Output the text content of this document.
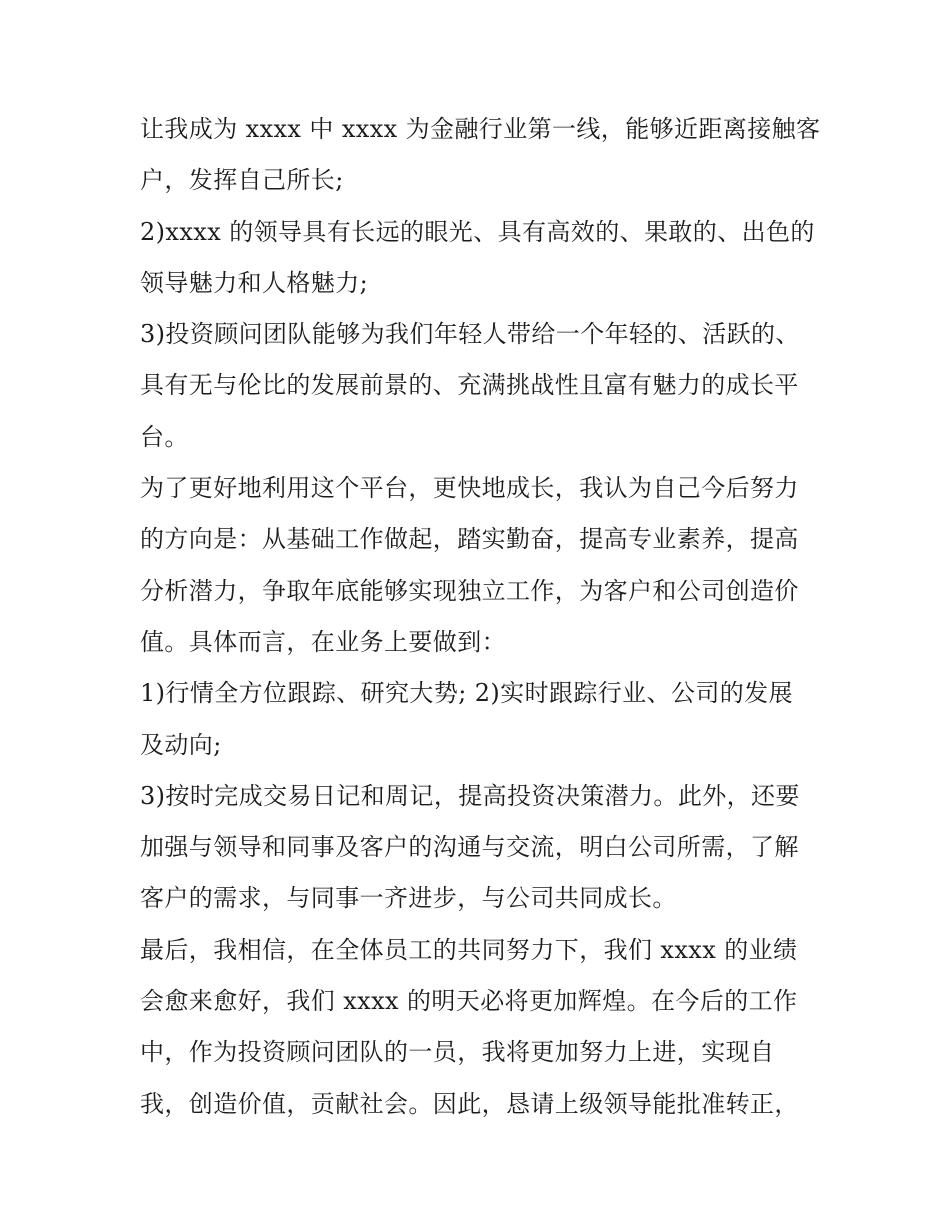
让我成为 xxxx 中 xxxx 为金融行业第一线，能够近距离接触客
户，发挥自己所长;
2)xxxx 的领导具有长远的眼光、具有高效的、果敢的、出色的
领导魅力和人格魅力;
3)投资顾问团队能够为我们年轻人带给一个年轻的、活跃的、
具有无与伦比的发展前景的、充满挑战性且富有魅力的成长平
台。
为了更好地利用这个平台，更快地成长，我认为自己今后努力
的方向是：从基础工作做起，踏实勤奋，提高专业素养，提高
分析潜力，争取年底能够实现独立工作，为客户和公司创造价
值。具体而言，在业务上要做到：
1)行情全方位跟踪、研究大势; 2)实时跟踪行业、公司的发展
及动向;
3)按时完成交易日记和周记，提高投资决策潜力。此外，还要
加强与领导和同事及客户的沟通与交流，明白公司所需，了解
客户的需求，与同事一齐进步，与公司共同成长。
最后，我相信，在全体员工的共同努力下，我们 xxxx 的业绩
会愈来愈好，我们 xxxx 的明天必将更加辉煌。在今后的工作
中，作为投资顾问团队的一员，我将更加努力上进，实现自
我，创造价值，贡献社会。因此，恳请上级领导能批准转正，
